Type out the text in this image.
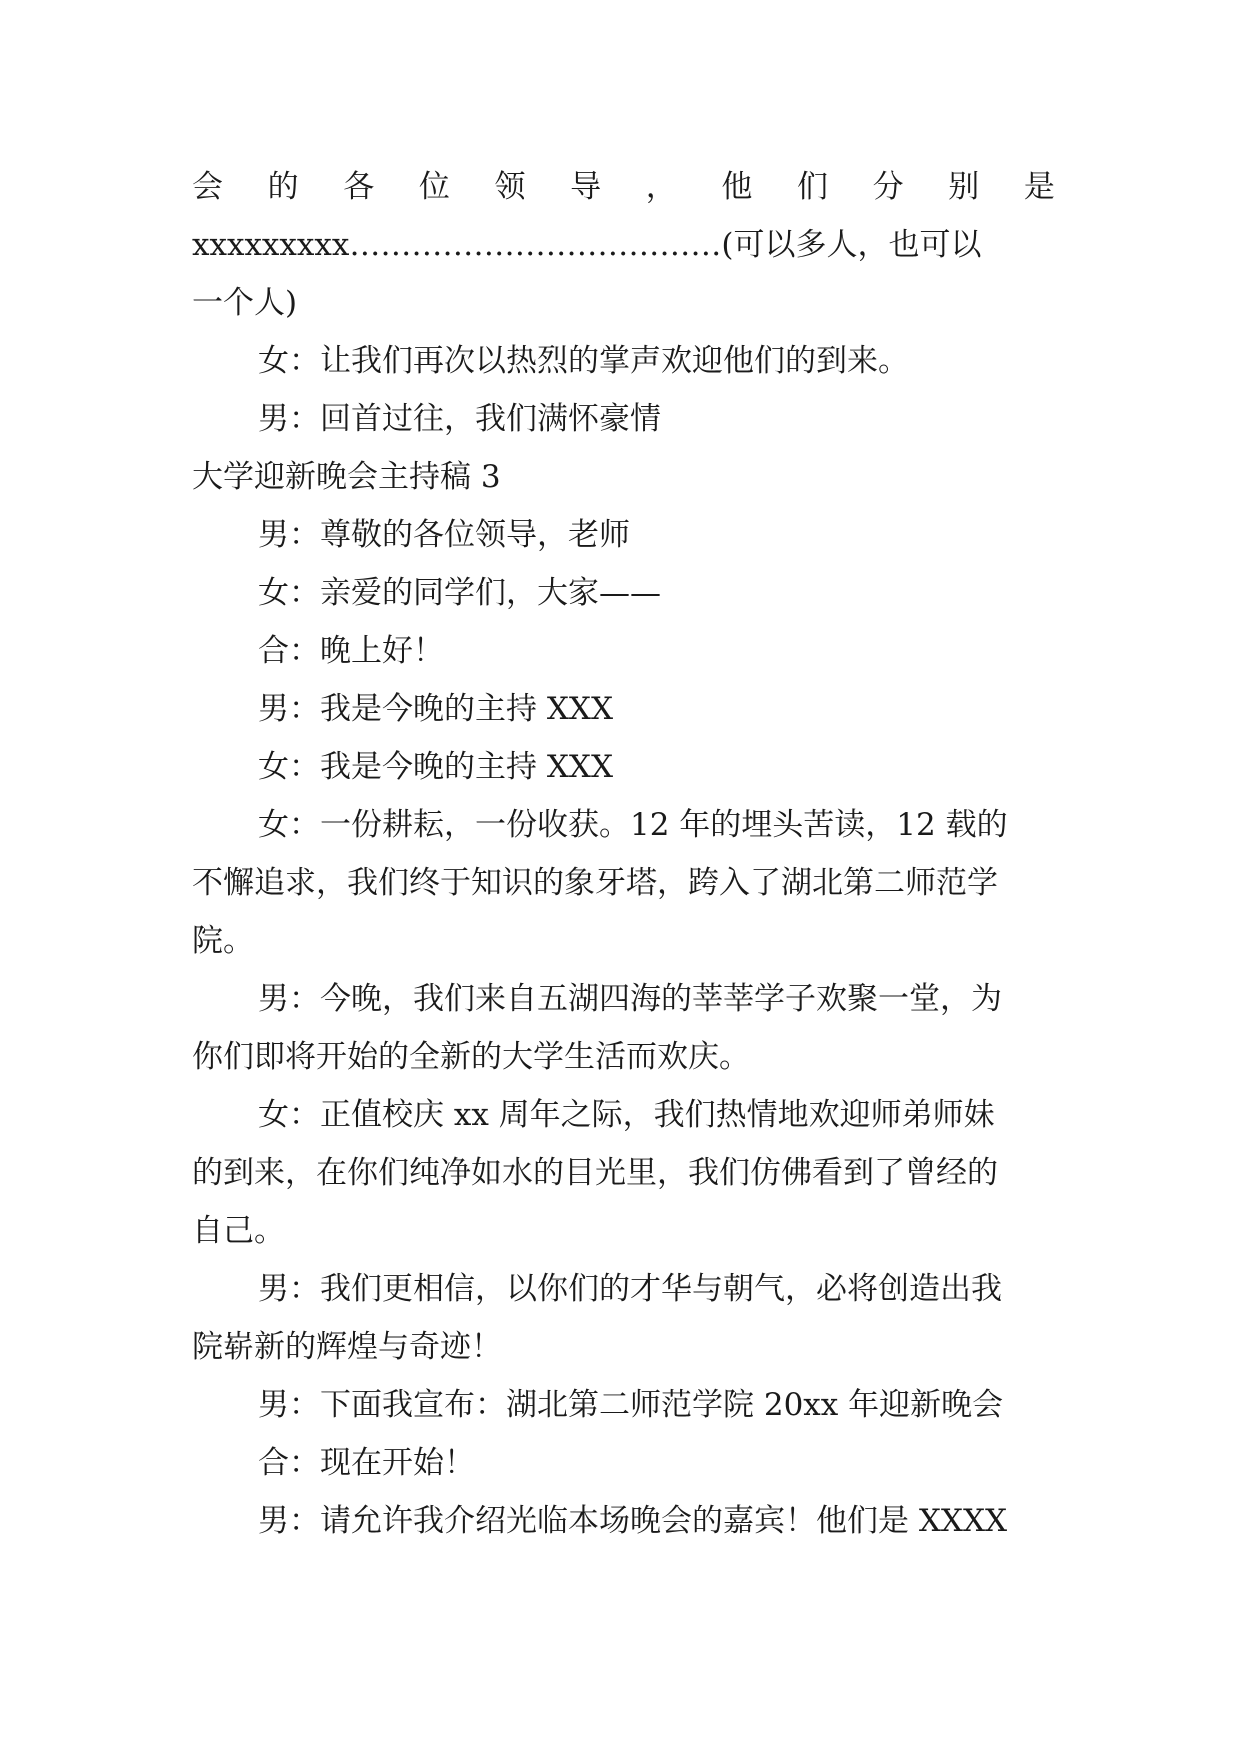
会 的 各 位 领 导 ， 他 们 分 别 是
xxxxxxxxx………………………………(可以多人，也可以
一个人)
女：让我们再次以热烈的掌声欢迎他们的到来。
男：回首过往，我们满怀豪情
大学迎新晚会主持稿 3
男：尊敬的各位领导，老师
女：亲爱的同学们，大家——
合：晚上好！
男：我是今晚的主持 XXX
女：我是今晚的主持 XXX
女：一份耕耘，一份收获。12 年的埋头苦读，12 载的
不懈追求，我们终于知识的象牙塔，跨入了湖北第二师范学
院。
男：今晚，我们来自五湖四海的莘莘学子欢聚一堂，为
你们即将开始的全新的大学生活而欢庆。
女：正值校庆 xx 周年之际，我们热情地欢迎师弟师妹
的到来，在你们纯净如水的目光里，我们仿佛看到了曾经的
自己。
男：我们更相信，以你们的才华与朝气，必将创造出我
院崭新的辉煌与奇迹！
男：下面我宣布：湖北第二师范学院 20xx 年迎新晚会
合：现在开始！
男：请允许我介绍光临本场晚会的嘉宾！他们是 XXXX
